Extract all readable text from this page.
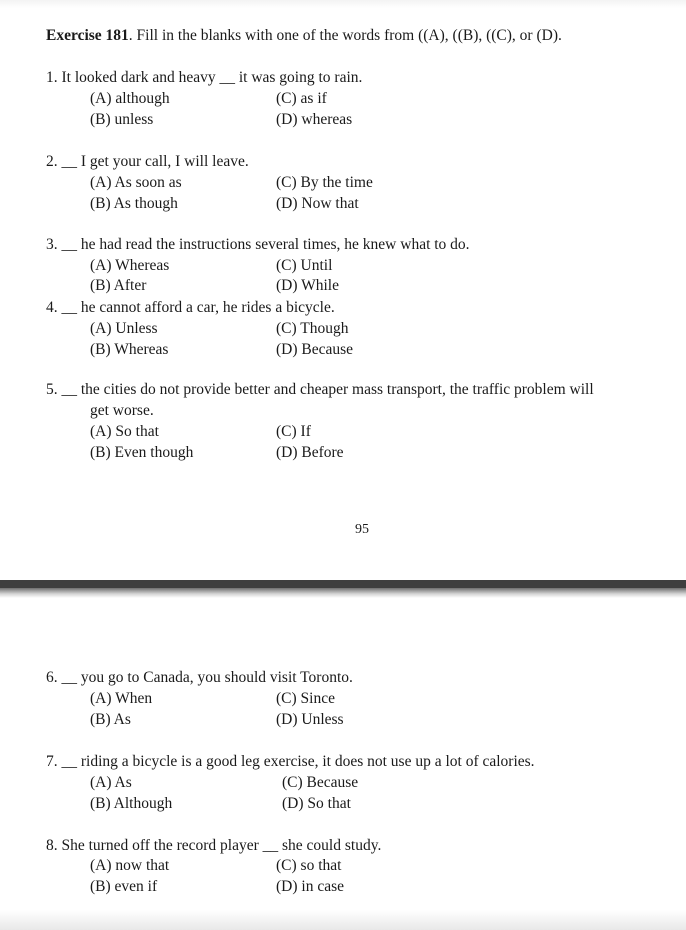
Exercise 181. Fill in the blanks with one of the words from ((A), ((B), ((C), or (D).
1. It looked dark and heavy __ it was going to rain.
(A) although	(C) as if
(B) unless	(D) whereas
2. __ I get your call, I will leave.
(A) As soon as	(C) By the time
(B) As though	(D) Now that
3. __ he had read the instructions several times, he knew what to do.
(A) Whereas	(C) Until
(B) After	(D) While
4. __ he cannot afford a car, he rides a bicycle.
(A) Unless	(C) Though
(B) Whereas	(D) Because
5. __ the cities do not provide better and cheaper mass transport, the traffic problem will
get worse.
(A) So that	(C) If
(B) Even though	(D) Before
95
6. __ you go to Canada, you should visit Toronto.
(A) When	(C) Since
(B) As	(D) Unless
7. __ riding a bicycle is a good leg exercise, it does not use up a lot of calories.
(A) As	(C) Because
(B) Although	(D) So that
8. She turned off the record player __ she could study.
(A) now that	(C) so that
(B) even if	(D) in case
